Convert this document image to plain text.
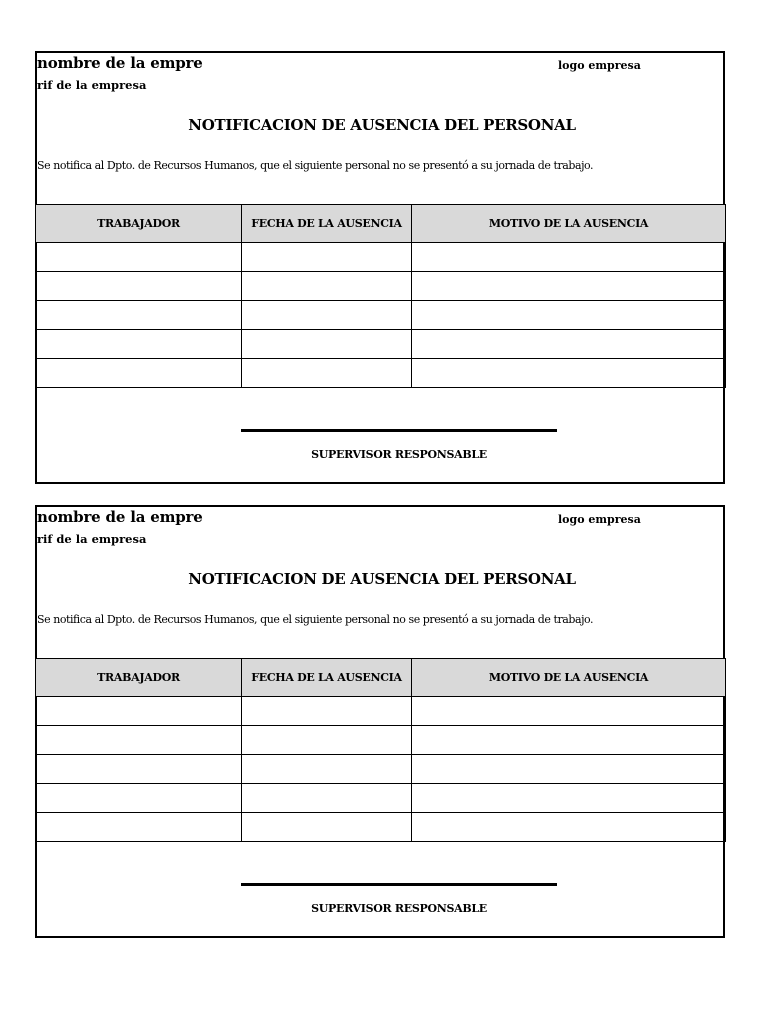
nombre de la empre
rif de la empresa
logo empresa
NOTIFICACION DE AUSENCIA DEL PERSONAL
Se notifica al Dpto. de Recursos Humanos, que el siguiente personal no se presentó a su jornada de trabajo.
TRABAJADOR	FECHA DE LA AUSENCIA	MOTIVO DE LA AUSENCIA

SUPERVISOR RESPONSABLE
nombre de la empre
rif de la empresa
logo empresa
NOTIFICACION DE AUSENCIA DEL PERSONAL
Se notifica al Dpto. de Recursos Humanos, que el siguiente personal no se presentó a su jornada de trabajo.
TRABAJADOR	FECHA DE LA AUSENCIA	MOTIVO DE LA AUSENCIA

SUPERVISOR RESPONSABLE
